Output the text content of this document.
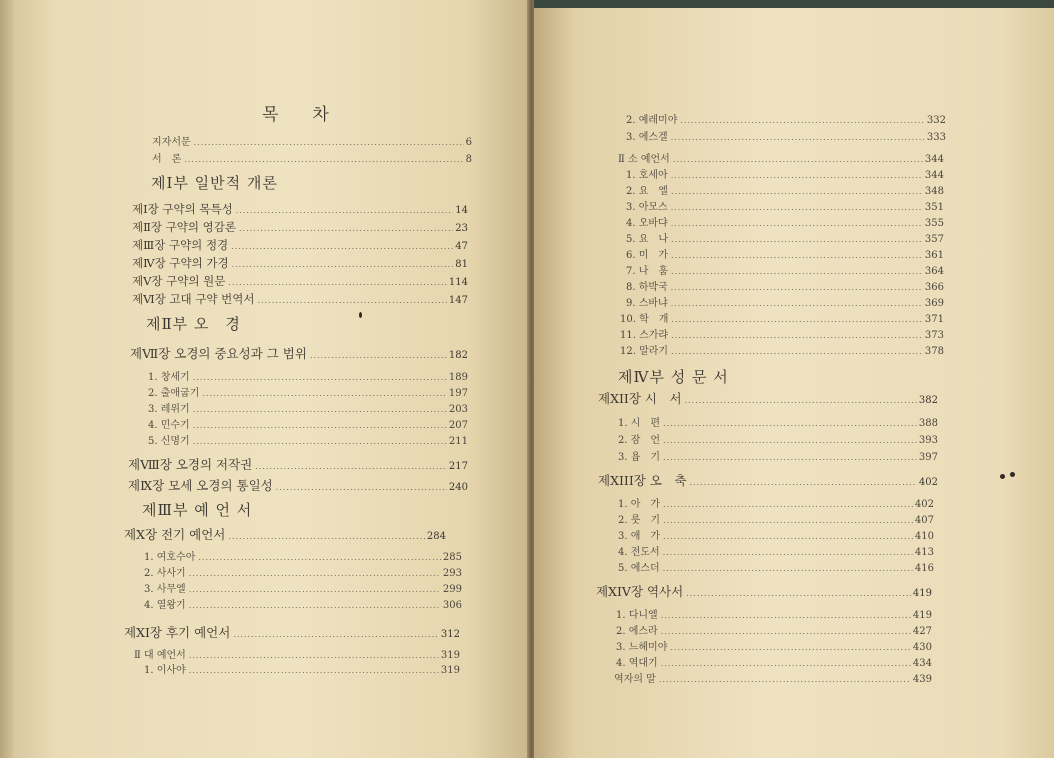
목　　차
지자서문 .....	6
서　론 .....	8
제Ⅰ부 일반적 개론
제Ⅰ장 구약의 목특성 .....	14
제Ⅱ장 구약의 영감론 .....	23
제Ⅲ장 구약의 정경 .....	47
제Ⅳ장 구약의 가경 .....	81
제Ⅴ장 구약의 원문 .....	114
제Ⅵ장 고대 구약 번역서 .....	147
제Ⅱ부 오　경
제Ⅶ장 오경의 중요성과 그 범위 .....	182
1. 창세기 .....	189
2. 출애굽기 .....	197
3. 레위기 .....	203
4. 민수기 .....	207
5. 신명기 .....	211
제Ⅷ장 오경의 저작권 .....	217
제Ⅸ장 모세 오경의 통일성 .....	240
제Ⅲ부 예 언 서
제Ⅹ장 전기 예언서 .....	284
1. 여호수아 .....	285
2. 사사기 .....	293
3. 사무엘 .....	299
4. 열왕기 .....	306
제XI장 후기 예언서 .....	312
Ⅱ 대 예언서 .....	319
1. 이사야 .....	319
2. 예레미야 .....	332
3. 에스겔 .....	333
Ⅱ 소 예언서 .....	344
1. 호세아 .....	344
2. 요　엘 .....	348
3. 아모스 .....	351
4. 오바댜 .....	355
5. 요　나 .....	357
6. 미　가 .....	361
7. 나　훔 .....	364
8. 하박국 .....	366
9. 스바냐 .....	369
10. 학　개 .....	371
11. 스가랴 .....	373
12. 말라기 .....	378
제Ⅳ부 성 문 서
제XII장 시　서 .....	382
1. 시　편 .....	388
2. 잠　언 .....	393
3. 욥　기 .....	397
제XIII장 오　축 .....	402
1. 아　가 .....	402
2. 룻　기 .....	407
3. 애　가 .....	410
4. 전도서 .....	413
5. 에스더 .....	416
제XIV장 역사서 .....	419
1. 다니엘 .....	419
2. 에스라 .....	427
3. 느헤미야 .....	430
4. 역대기 .....	434
역자의 말 .....	439
